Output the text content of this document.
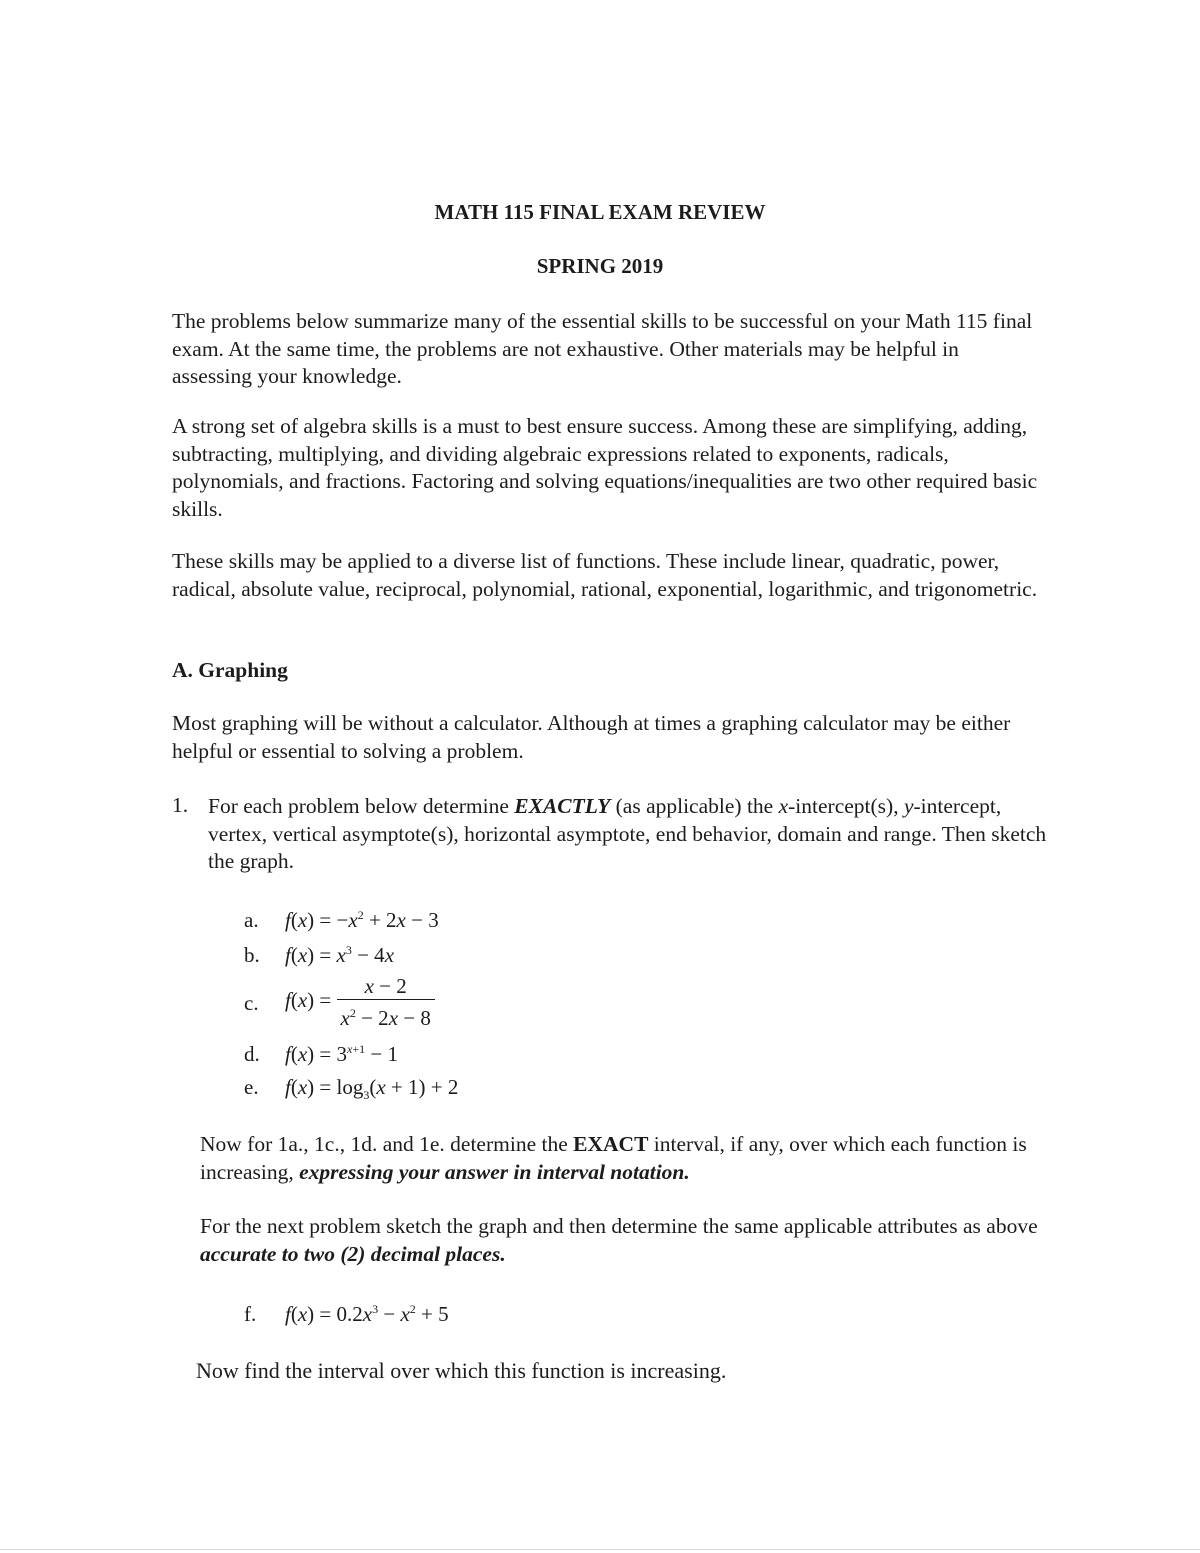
MATH 115 FINAL EXAM REVIEW
SPRING 2019
The problems below summarize many of the essential skills to be successful on your Math 115 final exam. At the same time, the problems are not exhaustive. Other materials may be helpful in assessing your knowledge.
A strong set of algebra skills is a must to best ensure success. Among these are simplifying, adding, subtracting, multiplying, and dividing algebraic expressions related to exponents, radicals, polynomials, and fractions. Factoring and solving equations/inequalities are two other required basic skills.
These skills may be applied to a diverse list of functions. These include linear, quadratic, power, radical, absolute value, reciprocal, polynomial, rational, exponential, logarithmic, and trigonometric.
A. Graphing
Most graphing will be without a calculator. Although at times a graphing calculator may be either helpful or essential to solving a problem.
1. For each problem below determine EXACTLY (as applicable) the x-intercept(s), y-intercept, vertex, vertical asymptote(s), horizontal asymptote, end behavior, domain and range. Then sketch the graph.
a. $f(x) = -x^2 + 2x - 3$
b. $f(x) = x^3 - 4x$
c. $f(x) = \frac{x - 2}{x^2 - 2x - 8}$
d. $f(x) = 3^{x+1} - 1$
e. $f(x) = \log_3(x + 1) + 2$
Now for 1a., 1c., 1d. and 1e. determine the EXACT interval, if any, over which each function is increasing, expressing your answer in interval notation.
For the next problem sketch the graph and then determine the same applicable attributes as above accurate to two (2) decimal places.
f. $f(x) = 0.2x^3 - x^2 + 5$
Now find the interval over which this function is increasing.
